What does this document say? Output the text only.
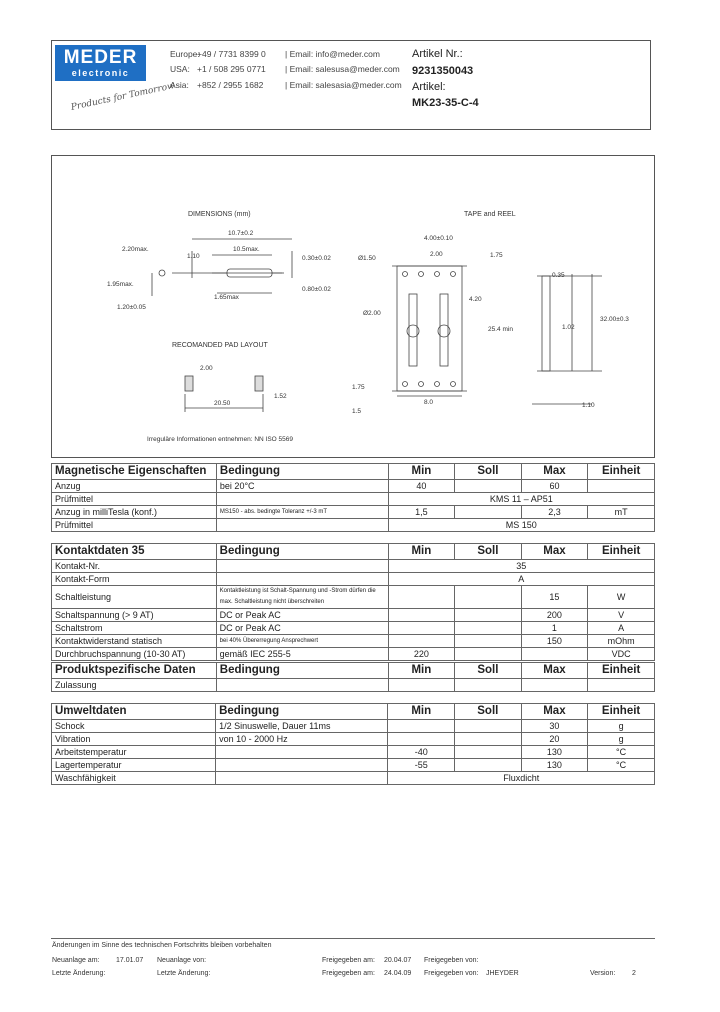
MEDER
electronic
Products for Tomorrow
Europe:
+49 / 7731 8399 0 | Email: info@meder.com
USA: +1 / 508 295 0771 | Email: salesusa@meder.com
Asia: +852 / 2955 1682	| Email: salesasia@meder.com
Artikel Nr.:
9231350043
Artikel:
MK23-35-C-4
DIMENSIONS (mm)	TAPE and REEL
RECOMANDED PAD LAYOUT
Irreguläre Informationen entnehmen: NN ISO 5569
2.20max.
1.95max.
1.20±0.05
10.7±0.2
1.10
10.5max.
0.30±0.02
0.80±0.02
1.65max
2.00
20.50
1.52
4.00±0.10
Ø1.50
2.00	1.75
Ø2.00
4.20
25.4 min	1.02
0.35
32.00±0.3
8.0
1.75
1.5
1.10
Magnetische Eigenschaften	Bedingung	Min	Soll	Max	Einheit
Anzug	bei 20°C	40		60	
Prüfmittel		KMS 11 – AP51			
Anzug in milliTesla (konf.)	MS150 - abs. bedingte Toleranz +/-3 mT	1,5		2,3	mT
Prüfmittel		MS 150			
Kontaktdaten 35	Bedingung	Min	Soll	Max	Einheit
Kontakt-Nr.		35			
Kontakt-Form		A			
Schaltleistung	Kontaktleistung ist Schalt-Spannung und -Strom dürfen die max. Schaltleistung nicht überschreiten			15	W
Schaltspannung (> 9 AT)	DC or Peak AC			200	V
Schaltstrom	DC or Peak AC			1	A
Kontaktwiderstand statisch	bei 40% Übererregung Ansprechwert			150	mOhm
Durchbruchspannung (10-30 AT)	gemäß IEC 255-5	220			VDC
Produktspezifische Daten	Bedingung	Min	Soll	Max	Einheit
Zulassung					
Umweltdaten	Bedingung	Min	Soll	Max	Einheit
Schock	1/2 Sinuswelle, Dauer 11ms			30	g
Vibration	von 10 - 2000 Hz			20	g
Arbeitstemperatur		-40		130	°C
Lagertemperatur		-55		130	°C
Waschfähigkeit		Fluxdicht			
Änderungen im Sinne des technischen Fortschritts bleiben vorbehalten
Neuanlage am: 17.01.07 Neuanlage von:	Freigegeben am: 20.04.07 Freigegeben von:
Letzte Änderung:	Letzte Änderung:	Freigegeben am: 24.04.09 Freigegeben von: JHEYDER	Version: 2
